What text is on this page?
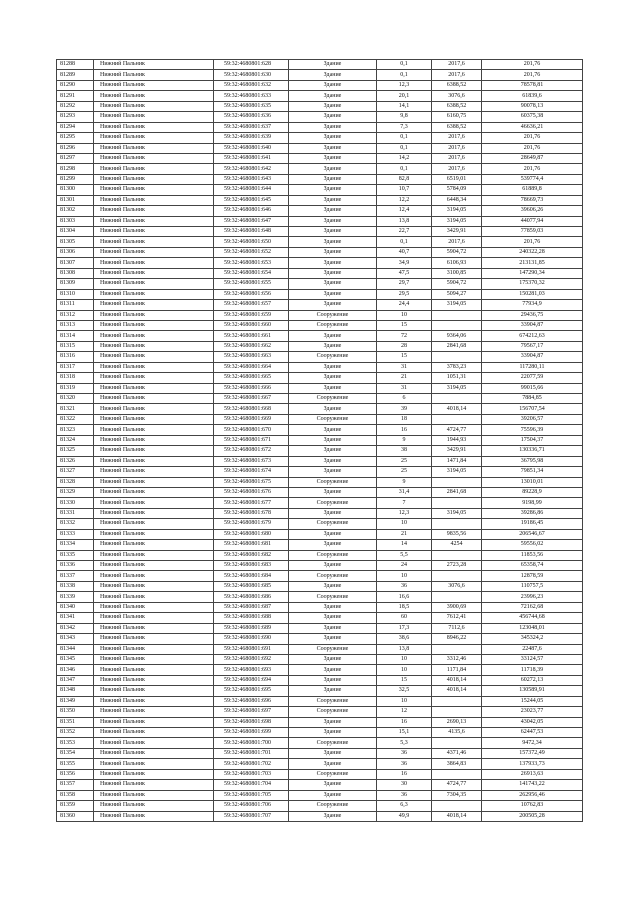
81288	Нижний Пальник	59:32:4680801:628	Здание	0,1	2017,6	201,76
81289	Нижний Пальник	59:32:4680801:630	Здание	0,1	2017,6	201,76
81290	Нижний Пальник	59:32:4680801:632	Здание	12,3	6388,52	78578,81
81291	Нижний Пальник	59:32:4680801:633	Здание	20,1	3076,6	61839,6
81292	Нижний Пальник	59:32:4680801:635	Здание	14,1	6388,52	90078,13
81293	Нижний Пальник	59:32:4680801:636	Здание	9,8	6160,75	60375,38
81294	Нижний Пальник	59:32:4680801:637	Здание	7,3	6388,52	46636,21
81295	Нижний Пальник	59:32:4680801:639	Здание	0,1	2017,6	201,76
81296	Нижний Пальник	59:32:4680801:640	Здание	0,1	2017,6	201,76
81297	Нижний Пальник	59:32:4680801:641	Здание	14,2	2017,6	28649,87
81298	Нижний Пальник	59:32:4680801:642	Здание	0,1	2017,6	201,76
81299	Нижний Пальник	59:32:4680801:643	Здание	82,8	6519,01	539774,4
81300	Нижний Пальник	59:32:4680801:644	Здание	10,7	5784,09	61889,8
81301	Нижний Пальник	59:32:4680801:645	Здание	12,2	6448,34	78669,73
81302	Нижний Пальник	59:32:4680801:646	Здание	12,4	3194,05	39606,26
81303	Нижний Пальник	59:32:4680801:647	Здание	13,8	3194,05	44077,94
81304	Нижний Пальник	59:32:4680801:648	Здание	22,7	3429,91	77859,03
81305	Нижний Пальник	59:32:4680801:650	Здание	0,1	2017,6	201,76
81306	Нижний Пальник	59:32:4680801:652	Здание	40,7	5904,72	240322,28
81307	Нижний Пальник	59:32:4680801:653	Здание	34,9	6106,93	213131,85
81308	Нижний Пальник	59:32:4680801:654	Здание	47,5	3100,85	147290,34
81309	Нижний Пальник	59:32:4680801:655	Здание	29,7	5904,72	175370,32
81310	Нижний Пальник	59:32:4680801:656	Здание	29,5	5094,27	150281,03
81311	Нижний Пальник	59:32:4680801:657	Здание	24,4	3194,05	77934,9
81312	Нижний Пальник	59:32:4680801:659	Сооружение	10		29436,75
81313	Нижний Пальник	59:32:4680801:660	Сооружение	15		33904,87
81314	Нижний Пальник	59:32:4680801:661	Здание	72	9364,06	674212,63
81315	Нижний Пальник	59:32:4680801:662	Здание	28	2841,68	79567,17
81316	Нижний Пальник	59:32:4680801:663	Сооружение	15		33904,87
81317	Нижний Пальник	59:32:4680801:664	Здание	31	3783,23	117280,11
81318	Нижний Пальник	59:32:4680801:665	Здание	21	1051,31	22077,59
81319	Нижний Пальник	59:32:4680801:666	Здание	31	3194,05	99015,66
81320	Нижний Пальник	59:32:4680801:667	Сооружение	6		7884,85
81321	Нижний Пальник	59:32:4680801:668	Здание	39	4018,14	156707,54
81322	Нижний Пальник	59:32:4680801:669	Сооружение	18		39206,57
81323	Нижний Пальник	59:32:4680801:670	Здание	16	4724,77	75596,39
81324	Нижний Пальник	59:32:4680801:671	Здание	9	1944,93	17504,37
81325	Нижний Пальник	59:32:4680801:672	Здание	38	3429,91	130336,71
81326	Нижний Пальник	59:32:4680801:673	Здание	25	1471,84	36795,98
81327	Нижний Пальник	59:32:4680801:674	Здание	25	3194,05	79851,34
81328	Нижний Пальник	59:32:4680801:675	Сооружение	9		13010,01
81329	Нижний Пальник	59:32:4680801:676	Здание	31,4	2841,68	89228,9
81330	Нижний Пальник	59:32:4680801:677	Сооружение	7		9198,99
81331	Нижний Пальник	59:32:4680801:678	Здание	12,3	3194,05	39286,86
81332	Нижний Пальник	59:32:4680801:679	Сооружение	10		19186,45
81333	Нижний Пальник	59:32:4680801:680	Здание	21	9835,56	206546,67
81334	Нижний Пальник	59:32:4680801:681	Здание	14	4254	59556,02
81335	Нижний Пальник	59:32:4680801:682	Сооружение	5,5		11853,56
81336	Нижний Пальник	59:32:4680801:683	Здание	24	2723,28	65358,74
81337	Нижний Пальник	59:32:4680801:684	Сооружение	10		12878,59
81338	Нижний Пальник	59:32:4680801:685	Здание	36	3076,6	110757,5
81339	Нижний Пальник	59:32:4680801:686	Сооружение	16,6		23996,23
81340	Нижний Пальник	59:32:4680801:687	Здание	18,5	3900,69	72162,68
81341	Нижний Пальник	59:32:4680801:688	Здание	60	7612,41	456744,68
81342	Нижний Пальник	59:32:4680801:689	Здание	17,3	7112,6	123048,01
81343	Нижний Пальник	59:32:4680801:690	Здание	38,6	8946,22	345324,2
81344	Нижний Пальник	59:32:4680801:691	Сооружение	13,8		22487,6
81345	Нижний Пальник	59:32:4680801:692	Здание	10	3312,46	33124,57
81346	Нижний Пальник	59:32:4680801:693	Здание	10	1171,84	11718,39
81347	Нижний Пальник	59:32:4680801:694	Здание	15	4018,14	60272,13
81348	Нижний Пальник	59:32:4680801:695	Здание	32,5	4018,14	130589,91
81349	Нижний Пальник	59:32:4680801:696	Сооружение	10		15244,05
81350	Нижний Пальник	59:32:4680801:697	Сооружение	12		23023,77
81351	Нижний Пальник	59:32:4680801:698	Здание	16	2690,13	43042,05
81352	Нижний Пальник	59:32:4680801:699	Здание	15,1	4135,6	62447,53
81353	Нижний Пальник	59:32:4680801:700	Сооружение	5,3		9472,34
81354	Нижний Пальник	59:32:4680801:701	Здание	36	4371,46	157372,49
81355	Нижний Пальник	59:32:4680801:702	Здание	36	3864,83	137933,73
81356	Нижний Пальник	59:32:4680801:703	Сооружение	16		26913,63
81357	Нижний Пальник	59:32:4680801:704	Здание	30	4724,77	141743,22
81358	Нижний Пальник	59:32:4680801:705	Здание	36	7304,35	262956,46
81359	Нижний Пальник	59:32:4680801:706	Сооружение	6,3		10762,83
81360	Нижний Пальник	59:32:4680801:707	Здание	49,9	4018,14	200505,28
